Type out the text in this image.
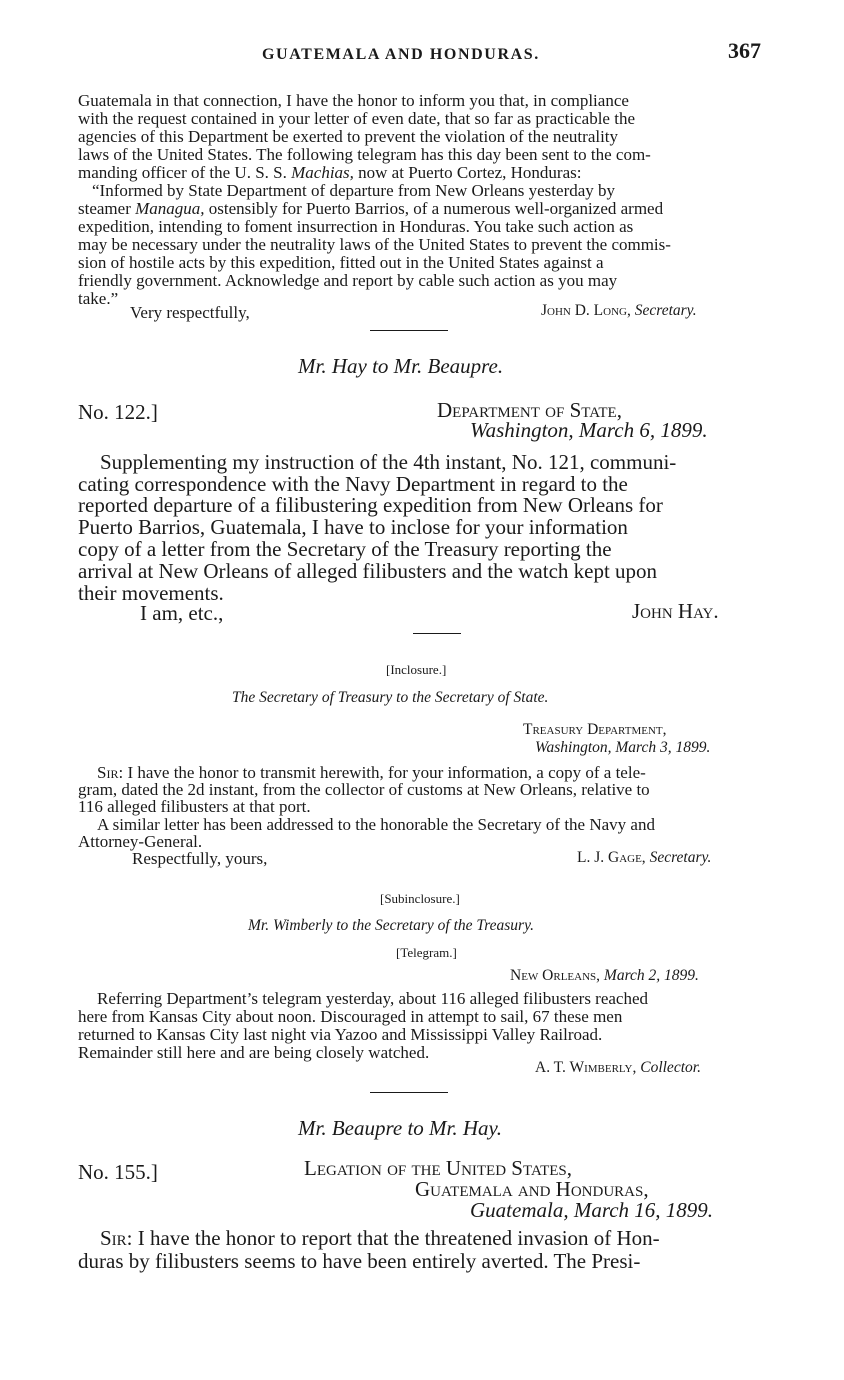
GUATEMALA AND HONDURAS.	367
Guatemala in that connection, I have the honor to inform you that, in compliance
with the request contained in your letter of even date, that so far as practicable the
agencies of this Department be exerted to prevent the violation of the neutrality
laws of the United States. The following telegram has this day been sent to the com-
manding officer of the U. S. S. Machias, now at Puerto Cortez, Honduras:
“Informed by State Department of departure from New Orleans yesterday by
steamer Managua, ostensibly for Puerto Barrios, of a numerous well-organized armed
expedition, intending to foment insurrection in Honduras. You take such action as
may be necessary under the neutrality laws of the United States to prevent the commis-
sion of hostile acts by this expedition, fitted out in the United States against a
friendly government. Acknowledge and report by cable such action as you may
take.”
Very respectfully,	John D. Long, Secretary.
Mr. Hay to Mr. Beaupre.
No. 122.]	Department of State,
Washington, March 6, 1899.
Supplementing my instruction of the 4th instant, No. 121, communi-
cating correspondence with the Navy Department in regard to the
reported departure of a filibustering expedition from New Orleans for
Puerto Barrios, Guatemala, I have to inclose for your information
copy of a letter from the Secretary of the Treasury reporting the
arrival at New Orleans of alleged filibusters and the watch kept upon
their movements.
I am, etc.,	John Hay.
[Inclosure.]
The Secretary of Treasury to the Secretary of State.
Treasury Department,
Washington, March 3, 1899.
Sir: I have the honor to transmit herewith, for your information, a copy of a tele-
gram, dated the 2d instant, from the collector of customs at New Orleans, relative to
116 alleged filibusters at that port.
A similar letter has been addressed to the honorable the Secretary of the Navy and
Attorney-General.
Respectfully, yours,	L. J. Gage, Secretary.
[Subinclosure.]
Mr. Wimberly to the Secretary of the Treasury.
[Telegram.]
New Orleans, March 2, 1899.
Referring Department’s telegram yesterday, about 116 alleged filibusters reached
here from Kansas City about noon. Discouraged in attempt to sail, 67 these men
returned to Kansas City last night via Yazoo and Mississippi Valley Railroad.
Remainder still here and are being closely watched.
A. T. Wimberly, Collector.
Mr. Beaupre to Mr. Hay.
No. 155.]	Legation of the United States,
Guatemala and Honduras,
Guatemala, March 16, 1899.
Sir: I have the honor to report that the threatened invasion of Hon-
duras by filibusters seems to have been entirely averted. The Presi-
